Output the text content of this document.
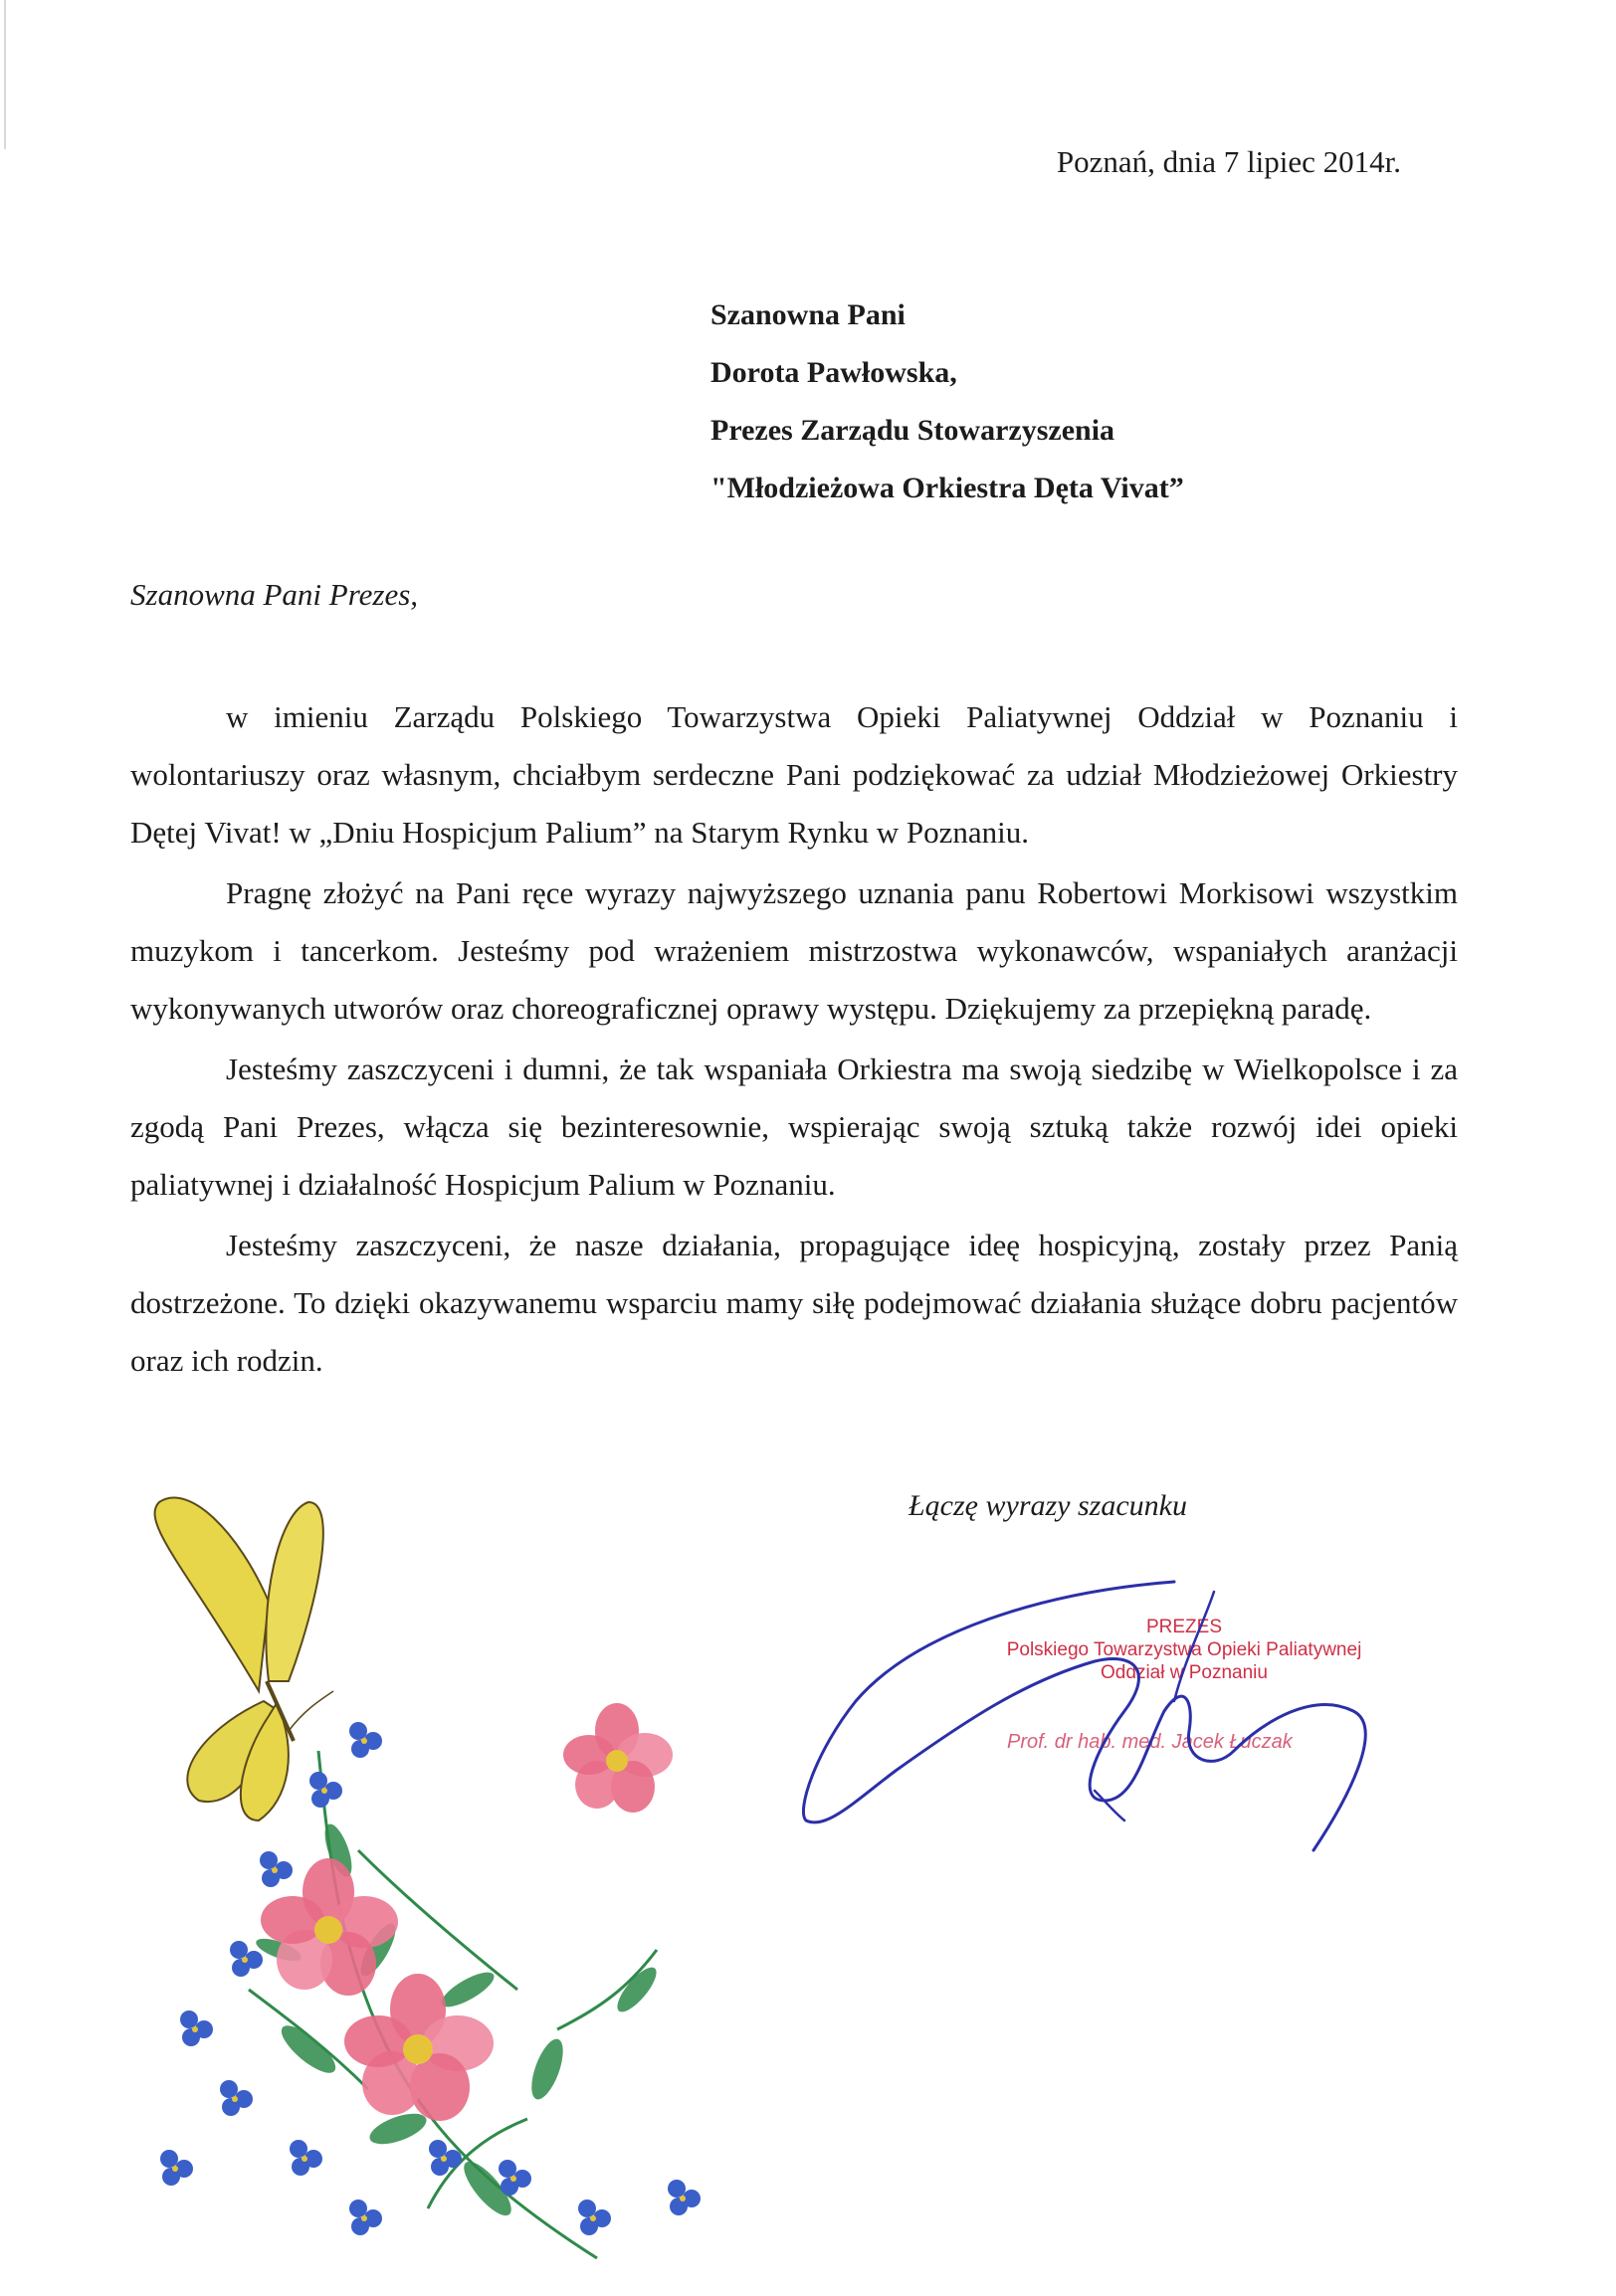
Poznań, dnia 7 lipiec 2014r.
Szanowna Pani
Dorota Pawłowska,
Prezes Zarządu Stowarzyszenia
"Młodzieżowa Orkiestra Dęta Vivat”
Szanowna Pani Prezes,

w imieniu Zarządu Polskiego Towarzystwa Opieki Paliatywnej Oddział w Poznaniu i wolontariuszy oraz własnym, chciałbym serdeczne Pani podziękować za udział Młodzieżowej Orkiestry Dętej Vivat! w „Dniu Hospicjum Palium” na Starym Rynku w Poznaniu.

Pragnę złożyć na Pani ręce wyrazy najwyższego uznania panu Robertowi Morkisowi wszystkim muzykom i tancerkom. Jesteśmy pod wrażeniem mistrzostwa wykonawców, wspaniałych aranżacji wykonywanych utworów oraz choreograficznej oprawy występu. Dziękujemy za przepiękną paradę.

Jesteśmy zaszczyceni i dumni, że tak wspaniała Orkiestra ma swoją siedzibę w Wielkopolsce i za zgodą Pani Prezes, włącza się bezinteresownie, wspierając swoją sztuką także rozwój idei opieki paliatywnej i działalność Hospicjum Palium w Poznaniu.

Jesteśmy zaszczyceni, że nasze działania, propagujące ideę hospicyjną, zostały przez Panią dostrzeżone. To dzięki okazywanemu wsparciu mamy siłę podejmować działania służące dobru pacjentów oraz ich rodzin.

Łączę wyrazy szacunku
PREZES
Polskiego Towarzystwa Opieki Paliatywnej
Oddział w Poznaniu
Prof. dr hab. med. Jacek Łuczak
